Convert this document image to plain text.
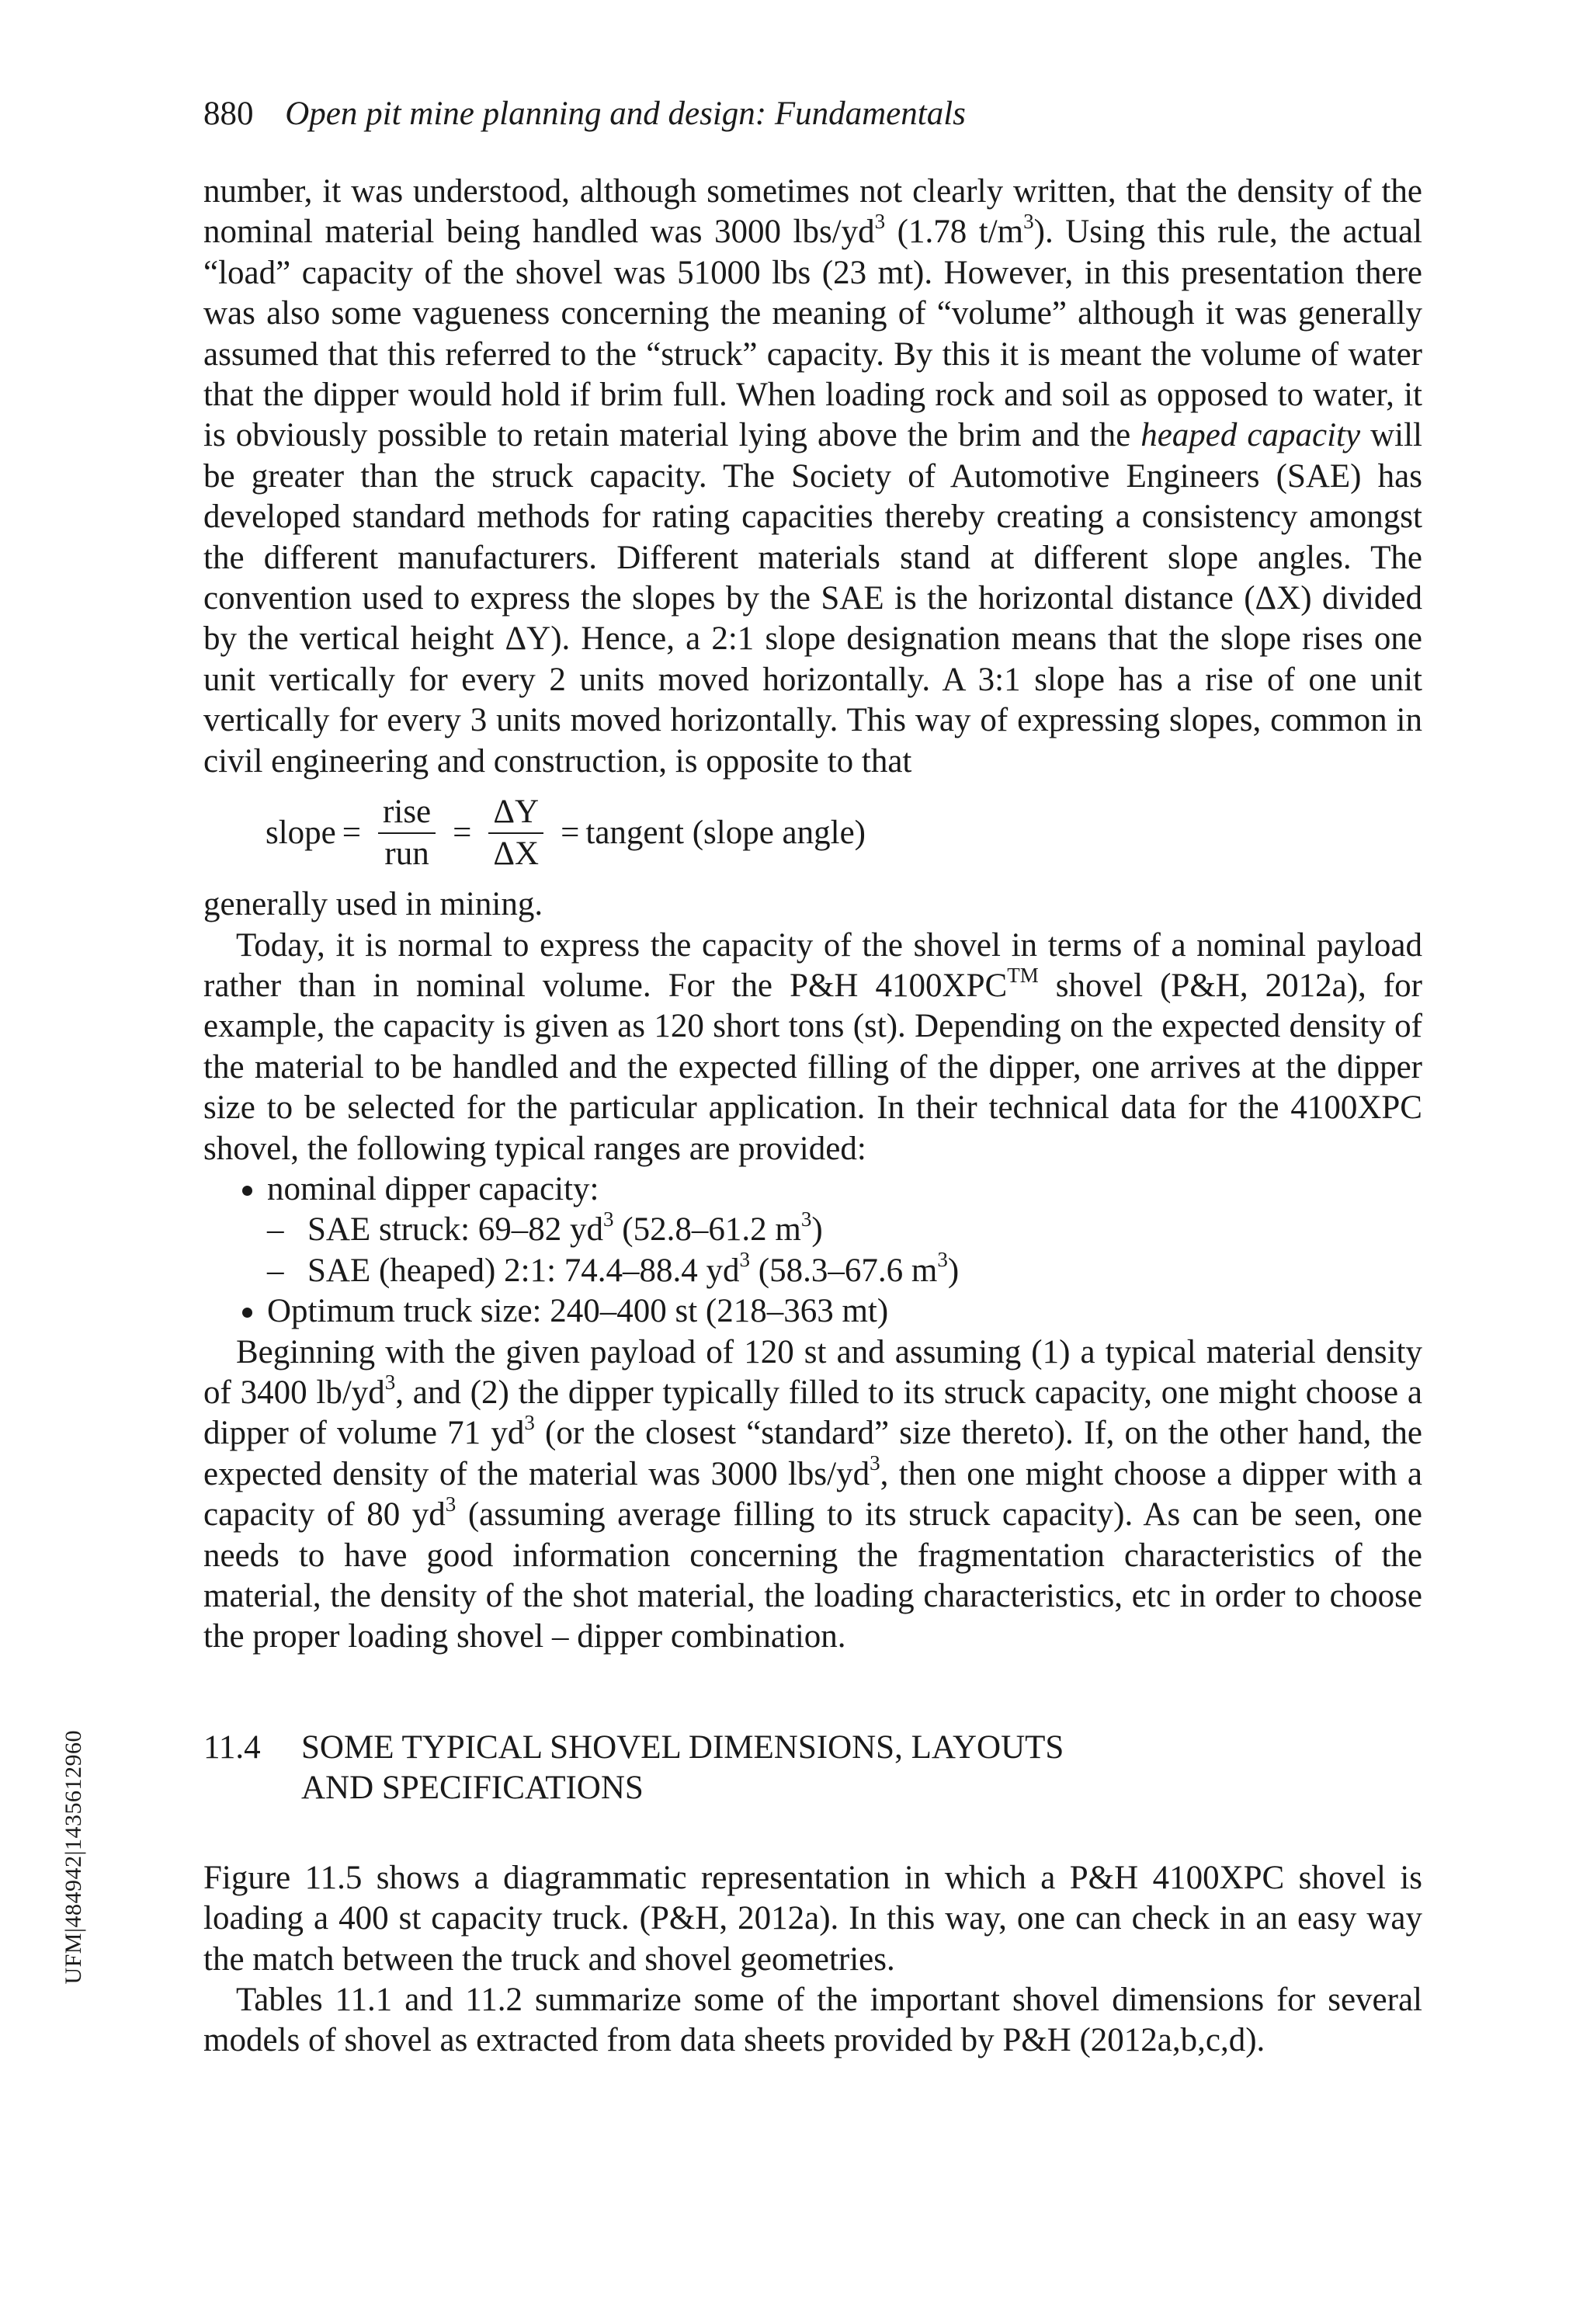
880 Open pit mine planning and design: Fundamentals
UFM|484942|1435612960

number, it was understood, although sometimes not clearly written, that the density of the nominal material being handled was 3000 lbs/$yd^3$ (1.78 $t/m^3$). Using this rule, the actual “load” capacity of the shovel was 51000 lbs (23 mt). However, in this presentation there was also some vagueness concerning the meaning of “volume” although it was generally assumed that this referred to the “struck” capacity. By this it is meant the volume of water that the dipper would hold if brim full. When loading rock and soil as opposed to water, it is obviously possible to retain material lying above the brim and the heaped capacity will be greater than the struck capacity. The Society of Automotive Engineers (SAE) has developed standard methods for rating capacities thereby creating a consistency amongst the different manufacturers. Different materials stand at different slope angles. The convention used to express the slopes by the SAE is the horizontal distance (ΔX) divided by the vertical height ΔY). Hence, a 2:1 slope designation means that the slope rises one unit vertically for every 2 units moved horizontally. A 3:1 slope has a rise of one unit vertically for every 3 units moved horizontally. This way of expressing slopes, common in civil engineering and construction, is opposite to that

slope = $\frac{\text{rise}}{\text{run}} = \frac{\Delta Y}{\Delta X}$ = tangent (slope angle)

generally used in mining.

Today, it is normal to express the capacity of the shovel in terms of a nominal payload rather than in nominal volume. For the P&H 4100XPC™ shovel (P&H, 2012a), for example, the capacity is given as 120 short tons (st). Depending on the expected density of the material to be handled and the expected filling of the dipper, one arrives at the dipper size to be selected for the particular application. In their technical data for the 4100XPC shovel, the following typical ranges are provided:

nominal dipper capacity:
– SAE struck: 69–82 $yd^3$ (52.8–61.2 $m^3$)
– SAE (heaped) 2:1: 74.4–88.4 $yd^3$ (58.3–67.6 $m^3$)
Optimum truck size: 240–400 st (218–363 mt)

Beginning with the given payload of 120 st and assuming (1) a typical material density of 3400 $lb/yd^3$, and (2) the dipper typically filled to its struck capacity, one might choose a dipper of volume 71 $yd^3$ (or the closest “standard” size thereto). If, on the other hand, the expected density of the material was 3000 lbs/$yd^3$, then one might choose a dipper with a capacity of 80 $yd^3$ (assuming average filling to its struck capacity). As can be seen, one needs to have good information concerning the fragmentation characteristics of the material, the density of the shot material, the loading characteristics, etc in order to choose the proper loading shovel – dipper combination.

11.4	SOME TYPICAL SHOVEL DIMENSIONS, LAYOUTS
AND SPECIFICATIONS

Figure 11.5 shows a diagrammatic representation in which a P&H 4100XPC shovel is loading a 400 st capacity truck. (P&H, 2012a). In this way, one can check in an easy way the match between the truck and shovel geometries.

Tables 11.1 and 11.2 summarize some of the important shovel dimensions for several models of shovel as extracted from data sheets provided by P&H (2012a,b,c,d).
